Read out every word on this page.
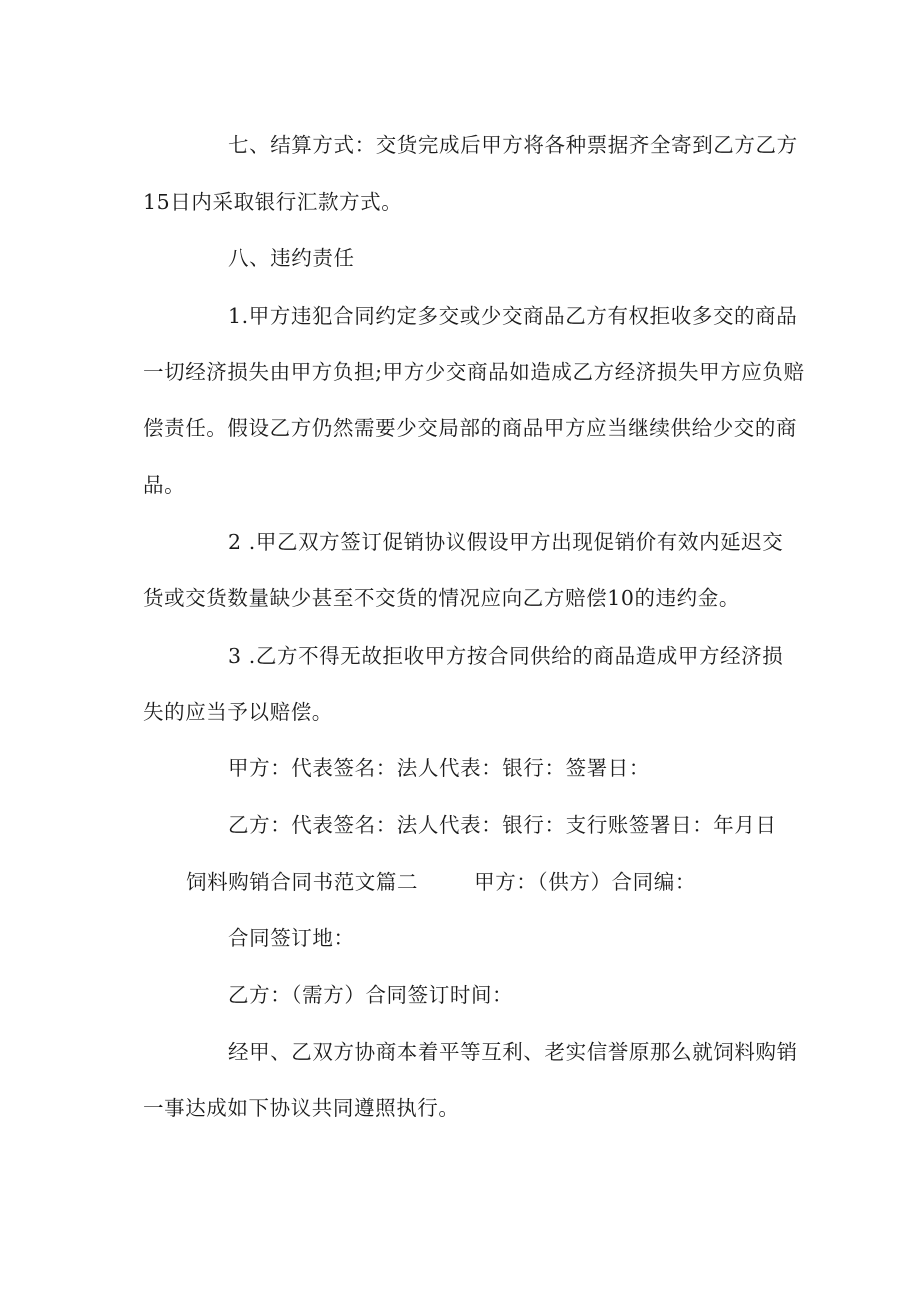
七、结算方式：交货完成后甲方将各种票据齐全寄到乙方乙方
15日内采取银行汇款方式。
八、违约责任
1.甲方违犯合同约定多交或少交商品乙方有权拒收多交的商品
一切经济损失由甲方负担;甲方少交商品如造成乙方经济损失甲方应负赔
偿责任。假设乙方仍然需要少交局部的商品甲方应当继续供给少交的商
品。
2 .甲乙双方签订促销协议假设甲方出现促销价有效内延迟交
货或交货数量缺少甚至不交货的情况应向乙方赔偿10的违约金。
3 .乙方不得无故拒收甲方按合同供给的商品造成甲方经济损
失的应当予以赔偿。
甲方：代表签名：法人代表：银行：签署日：
乙方：代表签名：法人代表：银行：支行账签署日：年月日
饲料购销合同书范文篇二	甲方：（供方）合同编：
合同签订地：
乙方：（需方）合同签订时间：
经甲、乙双方协商本着平等互利、老实信誉原那么就饲料购销
一事达成如下协议共同遵照执行。
